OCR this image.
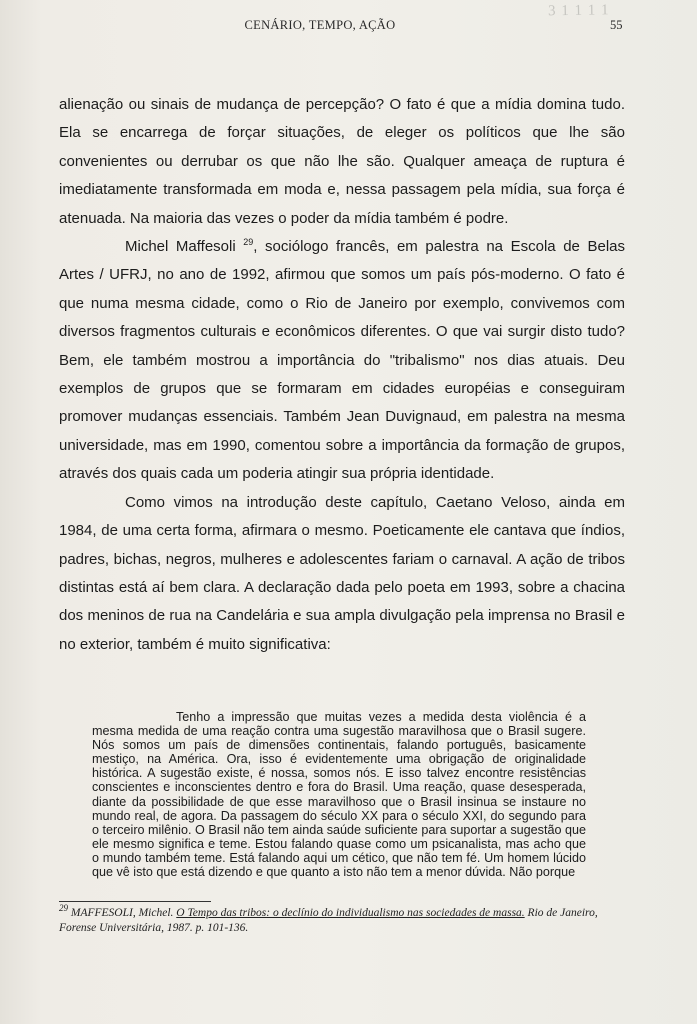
3 1 1 1 1
CENÁRIO, TEMPO, AÇÃO	55

alienação ou sinais de mudança de percepção? O fato é que a mídia domina tudo. Ela se encarrega de forçar situações, de eleger os políticos que lhe são convenientes ou derrubar os que não lhe são. Qualquer ameaça de ruptura é imediatamente transformada em moda e, nessa passagem pela mídia, sua força é atenuada. Na maioria das vezes o poder da mídia também é podre.

Michel Maffesoli $^{29}$, sociólogo francês, em palestra na Escola de Belas Artes / UFRJ, no ano de 1992, afirmou que somos um país pós-moderno. O fato é que numa mesma cidade, como o Rio de Janeiro por exemplo, convivemos com diversos fragmentos culturais e econômicos diferentes. O que vai surgir disto tudo? Bem, ele também mostrou a importância do "tribalismo" nos dias atuais. Deu exemplos de grupos que se formaram em cidades européias e conseguiram promover mudanças essenciais. Também Jean Duvignaud, em palestra na mesma universidade, mas em 1990, comentou sobre a importância da formação de grupos, através dos quais cada um poderia atingir sua própria identidade.

Como vimos na introdução deste capítulo, Caetano Veloso, ainda em 1984, de uma certa forma, afirmara o mesmo. Poeticamente ele cantava que índios, padres, bichas, negros, mulheres e adolescentes fariam o carnaval. A ação de tribos distintas está aí bem clara. A declaração dada pelo poeta em 1993, sobre a chacina dos meninos de rua na Candelária e sua ampla divulgação pela imprensa no Brasil e no exterior, também é muito significativa:

Tenho a impressão que muitas vezes a medida desta violência é a mesma medida de uma reação contra uma sugestão maravilhosa que o Brasil sugere. Nós somos um país de dimensões continentais, falando português, basicamente mestiço, na América. Ora, isso é evidentemente uma obrigação de originalidade histórica. A sugestão existe, é nossa, somos nós. E isso talvez encontre resistências conscientes e inconscientes dentro e fora do Brasil. Uma reação, quase desesperada, diante da possibilidade de que esse maravilhoso que o Brasil insinua se instaure no mundo real, de agora. Da passagem do século XX para o século XXI, do segundo para o terceiro milênio. O Brasil não tem ainda saúde suficiente para suportar a sugestão que ele mesmo significa e teme. Estou falando quase como um psicanalista, mas acho que o mundo também teme. Está falando aqui um cético, que não tem fé. Um homem lúcido que vê isto que está dizendo e que quanto a isto não tem a menor dúvida. Não porque

$^{29}$ MAFFESOLI, Michel. O Tempo das tribos: o declínio do individualismo nas sociedades de massa. Rio de Janeiro, Forense Universitária, 1987. p. 101-136.
